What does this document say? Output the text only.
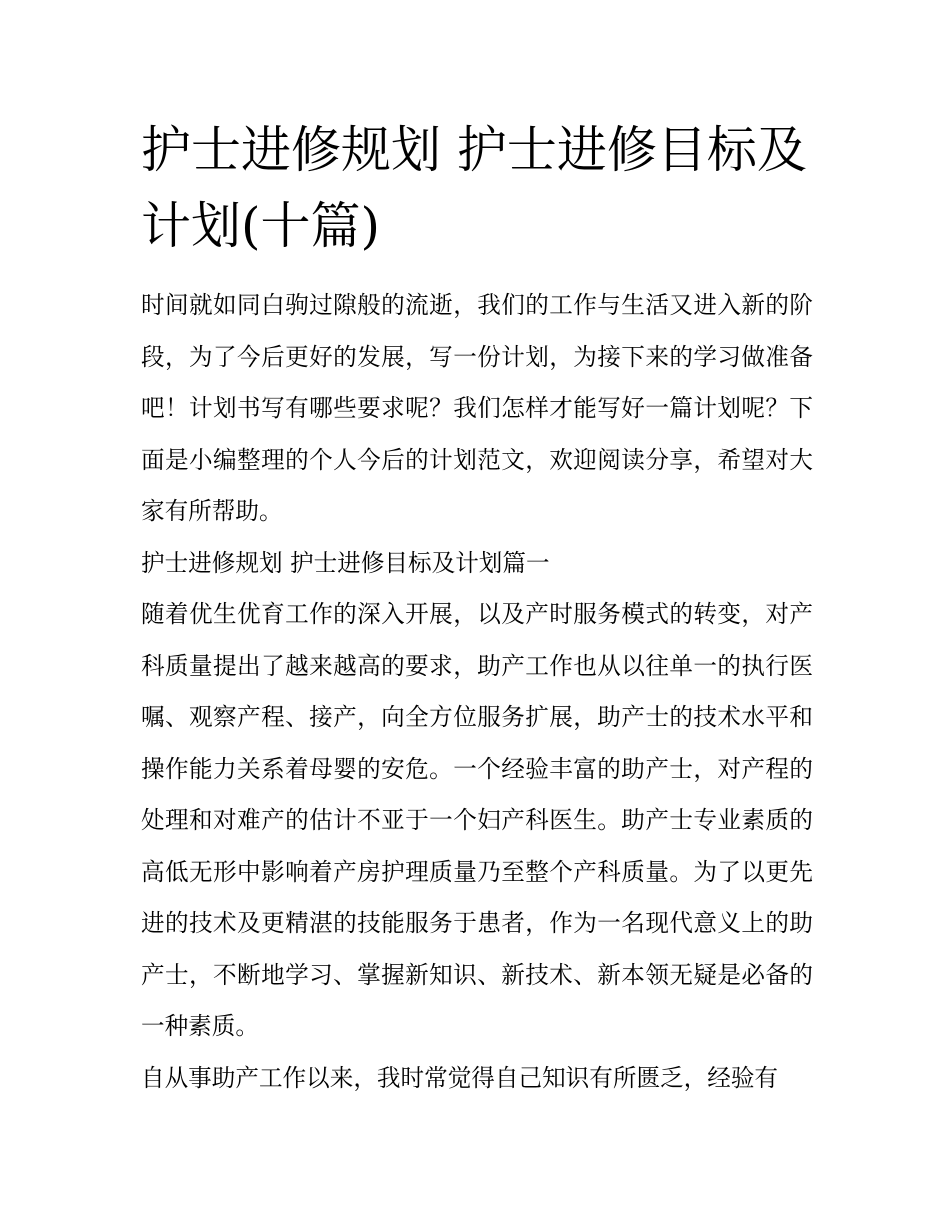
护士进修规划 护士进修目标及计划(十篇)

时间就如同白驹过隙般的流逝，我们的工作与生活又进入新的阶段，为了今后更好的发展，写一份计划，为接下来的学习做准备吧！计划书写有哪些要求呢？我们怎样才能写好一篇计划呢？下面是小编整理的个人今后的计划范文，欢迎阅读分享，希望对大家有所帮助。

护士进修规划 护士进修目标及计划篇一

随着优生优育工作的深入开展，以及产时服务模式的转变，对产科质量提出了越来越高的要求，助产工作也从以往单一的执行医嘱、观察产程、接产，向全方位服务扩展，助产士的技术水平和操作能力关系着母婴的安危。一个经验丰富的助产士，对产程的处理和对难产的估计不亚于一个妇产科医生。助产士专业素质的高低无形中影响着产房护理质量乃至整个产科质量。为了以更先进的技术及更精湛的技能服务于患者，作为一名现代意义上的助产士，不断地学习、掌握新知识、新技术、新本领无疑是必备的一种素质。

自从事助产工作以来，我时常觉得自己知识有所匮乏，经验有
